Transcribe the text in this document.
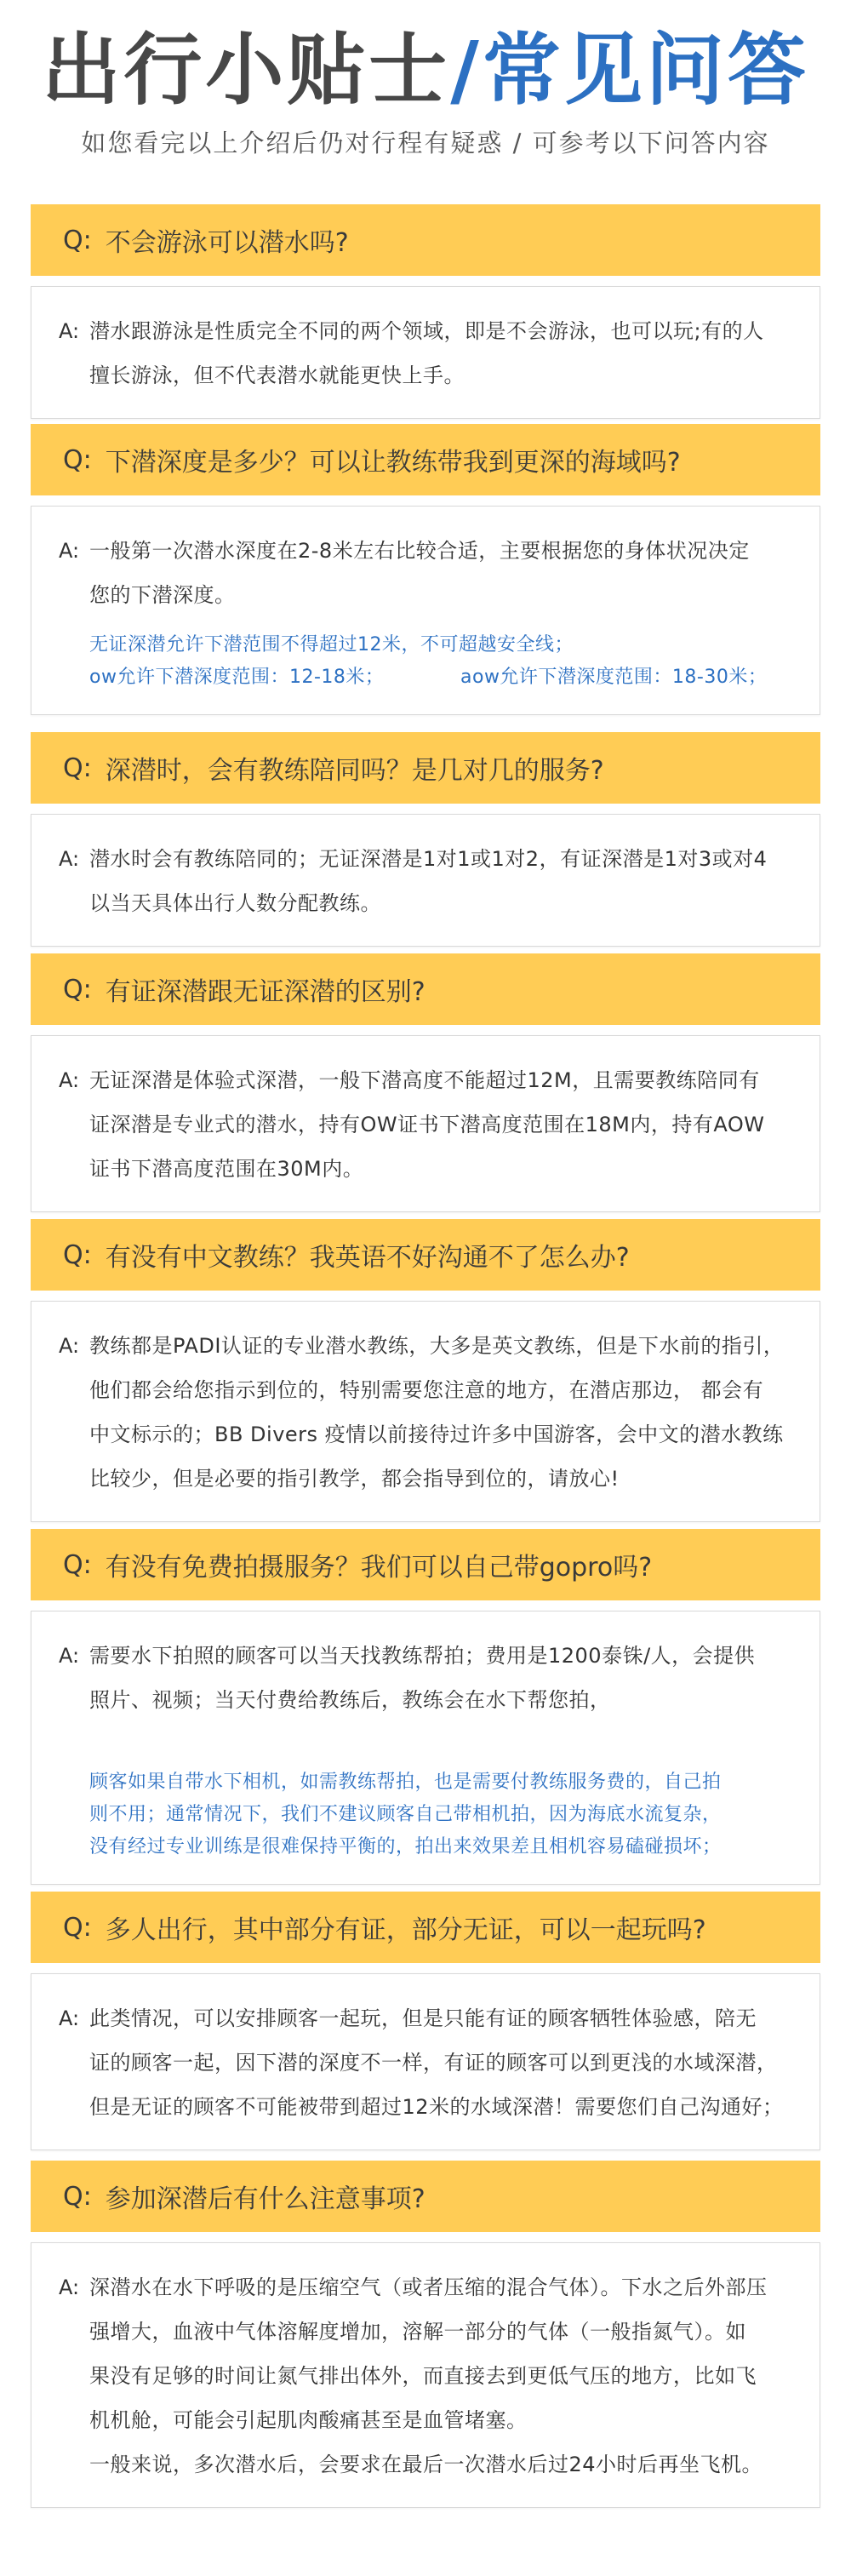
出行小贴士/常见问答
如您看完以上介绍后仍对行程有疑惑 / 可参考以下问答内容
Q: 不会游泳可以潜水吗?
A: 潜水跟游泳是性质完全不同的两个领域，即是不会游泳，也可以玩;有的人
擅长游泳，但不代表潜水就能更快上手。
Q: 下潜深度是多少？可以让教练带我到更深的海域吗?
A: 一般第一次潜水深度在2-8米左右比较合适，主要根据您的身体状况决定
您的下潜深度。
无证深潜允许下潜范围不得超过12米，不可超越安全线；
ow允许下潜深度范围：12-18米；	aow允许下潜深度范围：18-30米；
Q: 深潜时，会有教练陪同吗？是几对几的服务?
A: 潜水时会有教练陪同的；无证深潜是1对1或1对2，有证深潜是1对3或对4
以当天具体出行人数分配教练。
Q: 有证深潜跟无证深潜的区别?
A: 无证深潜是体验式深潜，一般下潜高度不能超过12M，且需要教练陪同有
证深潜是专业式的潜水，持有OW证书下潜高度范围在18M内，持有AOW
证书下潜高度范围在30M内。
Q: 有没有中文教练？我英语不好沟通不了怎么办?
A: 教练都是PADI认证的专业潜水教练，大多是英文教练，但是下水前的指引，
他们都会给您指示到位的，特别需要您注意的地方，在潜店那边， 都会有
中文标示的；BB Divers 疫情以前接待过许多中国游客，会中文的潜水教练
比较少，但是必要的指引教学，都会指导到位的，请放心!
Q: 有没有免费拍摄服务？我们可以自己带gopro吗?
A: 需要水下拍照的顾客可以当天找教练帮拍；费用是1200泰铢/人，会提供
照片、视频；当天付费给教练后，教练会在水下帮您拍，
顾客如果自带水下相机，如需教练帮拍，也是需要付教练服务费的，自己拍
则不用；通常情况下，我们不建议顾客自己带相机拍，因为海底水流复杂，
没有经过专业训练是很难保持平衡的，拍出来效果差且相机容易磕碰损坏；
Q: 多人出行，其中部分有证，部分无证，可以一起玩吗?
A: 此类情况，可以安排顾客一起玩，但是只能有证的顾客牺牲体验感，陪无
证的顾客一起，因下潜的深度不一样，有证的顾客可以到更浅的水域深潜，
但是无证的顾客不可能被带到超过12米的水域深潜！需要您们自己沟通好；
Q: 参加深潜后有什么注意事项?
A: 深潜水在水下呼吸的是压缩空气（或者压缩的混合气体）。下水之后外部压
强增大，血液中气体溶解度增加，溶解一部分的气体（一般指氮气）。如
果没有足够的时间让氮气排出体外，而直接去到更低气压的地方，比如飞
机机舱，可能会引起肌肉酸痛甚至是血管堵塞。
一般来说，多次潜水后，会要求在最后一次潜水后过24小时后再坐飞机。
